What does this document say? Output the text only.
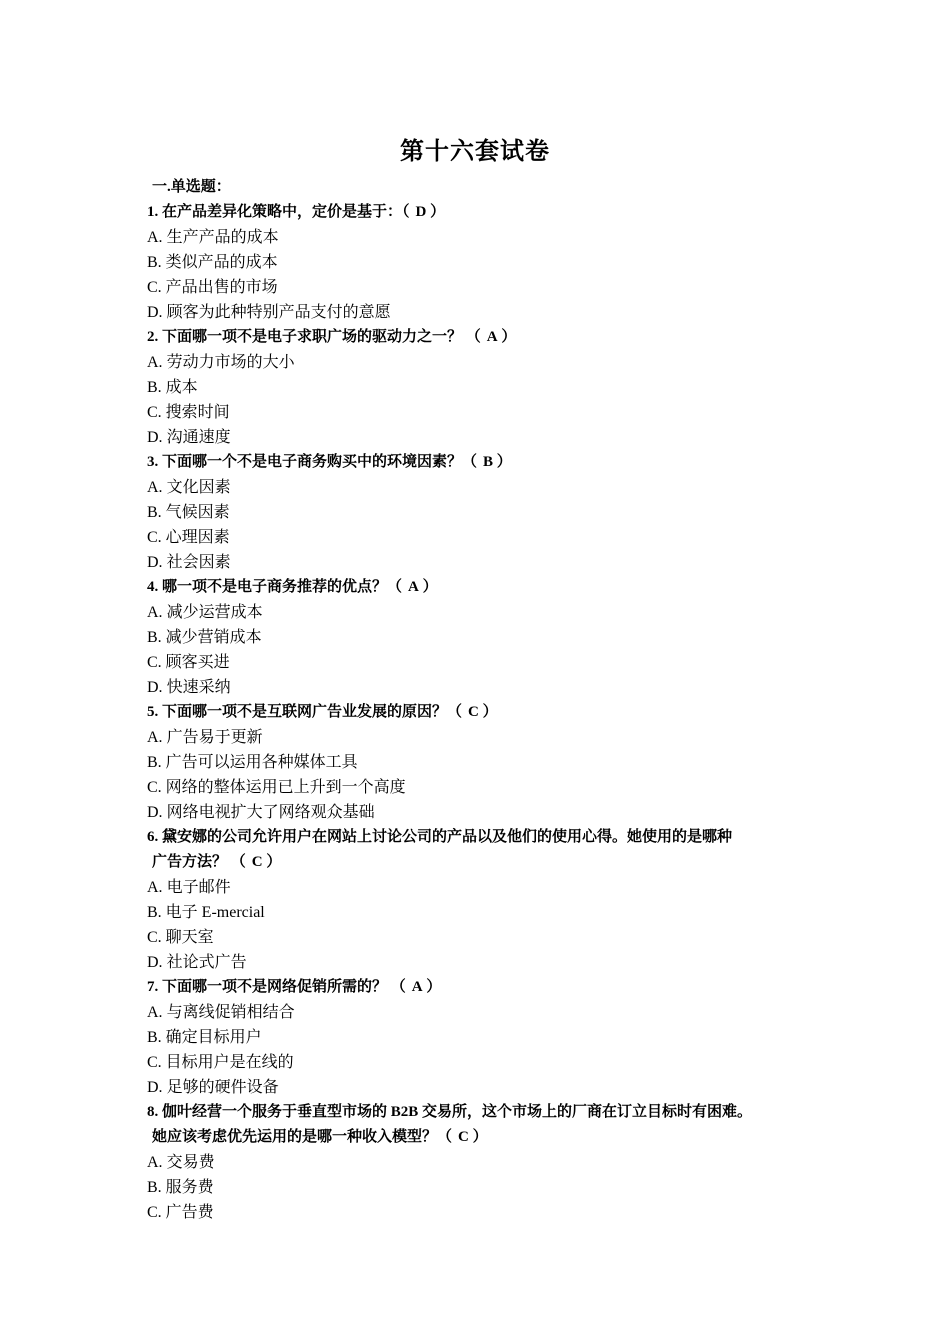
第十六套试卷
一.单选题：
1. 在产品差异化策略中，定价是基于：（ D ）
A. 生产产品的成本
B. 类似产品的成本
C. 产品出售的市场
D. 顾客为此种特别产品支付的意愿
2. 下面哪一项不是电子求职广场的驱动力之一？ （ A ）
A. 劳动力市场的大小
B. 成本
C. 搜索时间
D. 沟通速度
3. 下面哪一个不是电子商务购买中的环境因素？（ B ）
A. 文化因素
B. 气候因素
C. 心理因素
D. 社会因素
4. 哪一项不是电子商务推荐的优点？（ A ）
A. 减少运营成本
B. 减少营销成本
C. 顾客买进
D. 快速采纳
5. 下面哪一项不是互联网广告业发展的原因？（ C ）
A. 广告易于更新
B. 广告可以运用各种媒体工具
C. 网络的整体运用已上升到一个高度
D. 网络电视扩大了网络观众基础
6. 黛安娜的公司允许用户在网站上讨论公司的产品以及他们的使用心得。她使用的是哪种
广告方法？ （ C ）
A. 电子邮件
B. 电子 E-mercial
C. 聊天室
D. 社论式广告
7. 下面哪一项不是网络促销所需的？ （ A ）
A. 与离线促销相结合
B. 确定目标用户
C. 目标用户是在线的
D. 足够的硬件设备
8. 伽叶经营一个服务于垂直型市场的 B2B 交易所，这个市场上的厂商在订立目标时有困难。
她应该考虑优先运用的是哪一种收入模型？（ C ）
A. 交易费
B. 服务费
C. 广告费
